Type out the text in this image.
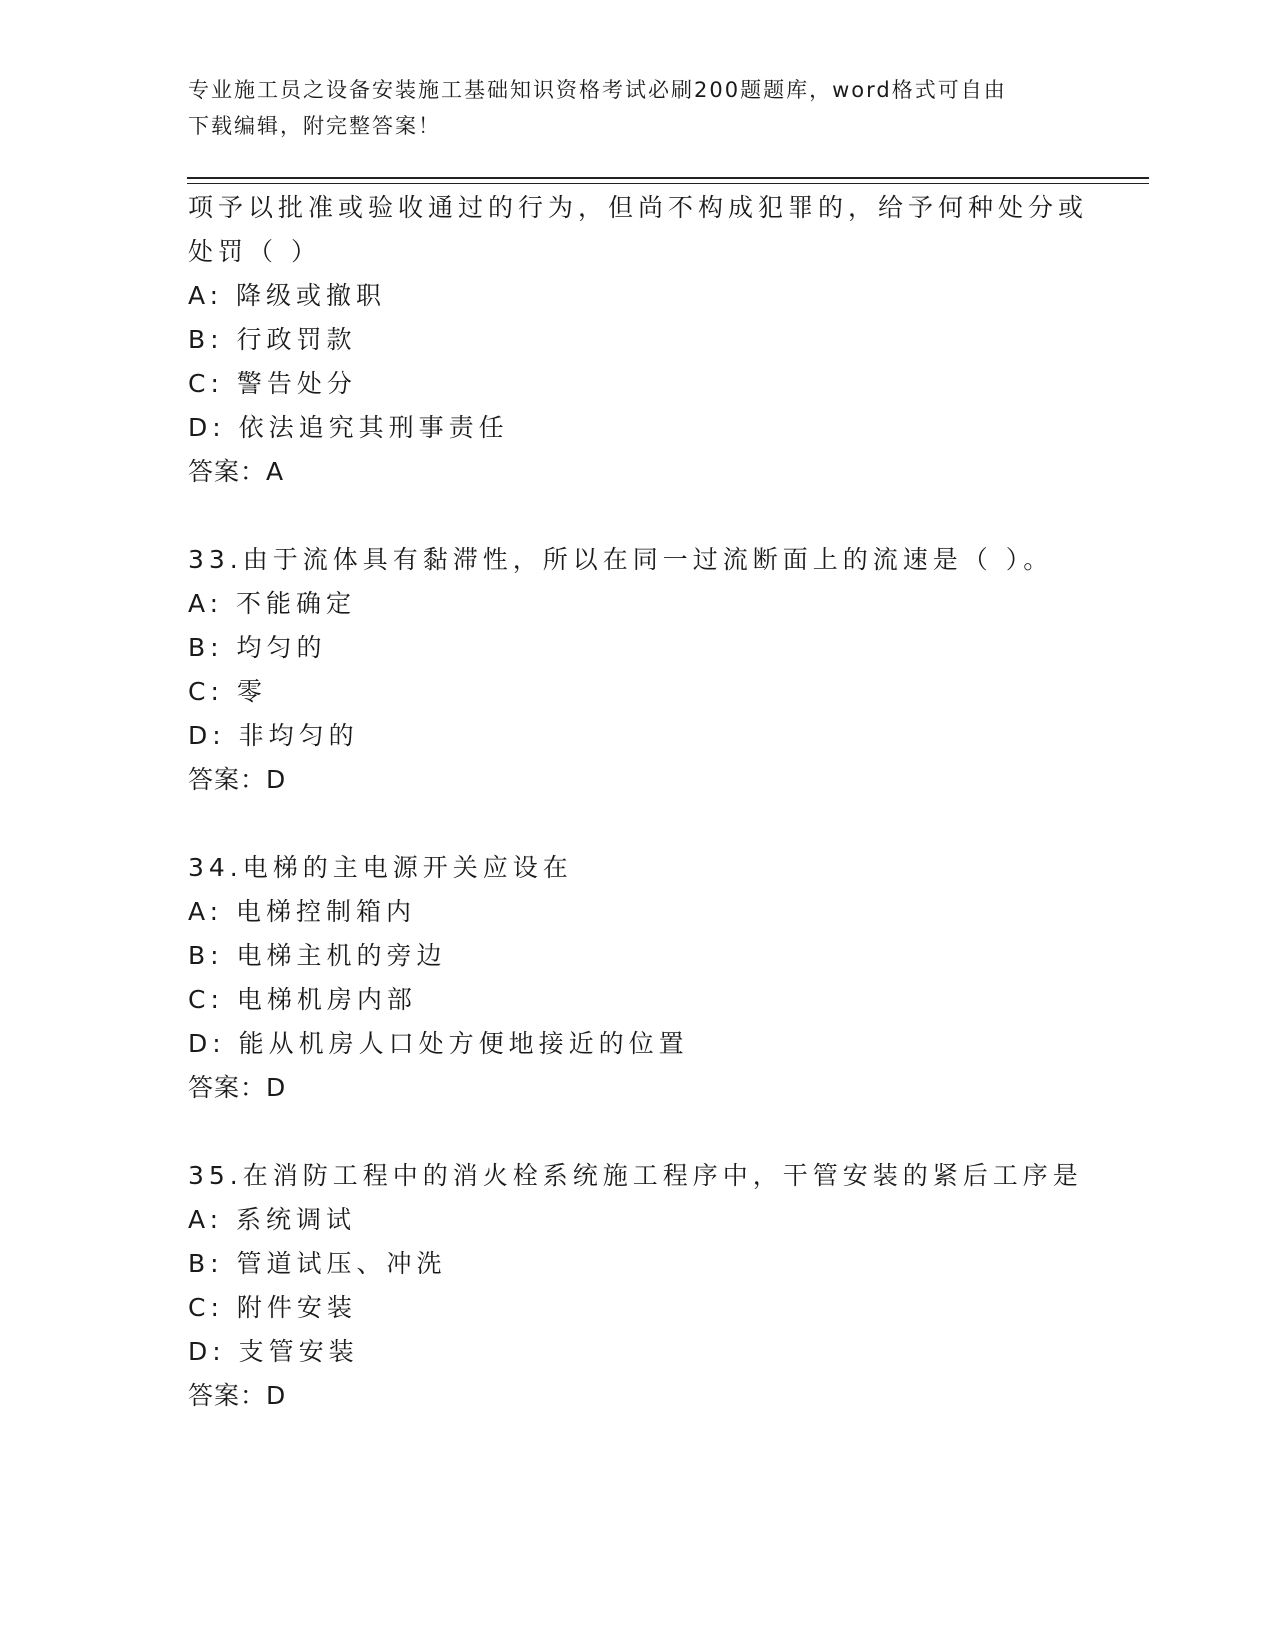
专业施工员之设备安装施工基础知识资格考试必刷200题题库，word格式可自由
下载编辑，附完整答案！
项予以批准或验收通过的行为，但尚不构成犯罪的，给予何种处分或
处罚（ ）
A: 降级或撤职
B: 行政罚款
C: 警告处分
D: 依法追究其刑事责任
答案：A
33.由于流体具有黏滞性，所以在同一过流断面上的流速是（ ）。
A: 不能确定
B: 均匀的
C: 零
D: 非均匀的
答案：D
34.电梯的主电源开关应设在
A: 电梯控制箱内
B: 电梯主机的旁边
C: 电梯机房内部
D: 能从机房人口处方便地接近的位置
答案：D
35.在消防工程中的消火栓系统施工程序中，干管安装的紧后工序是
A: 系统调试
B: 管道试压、冲洗
C: 附件安装
D: 支管安装
答案：D
